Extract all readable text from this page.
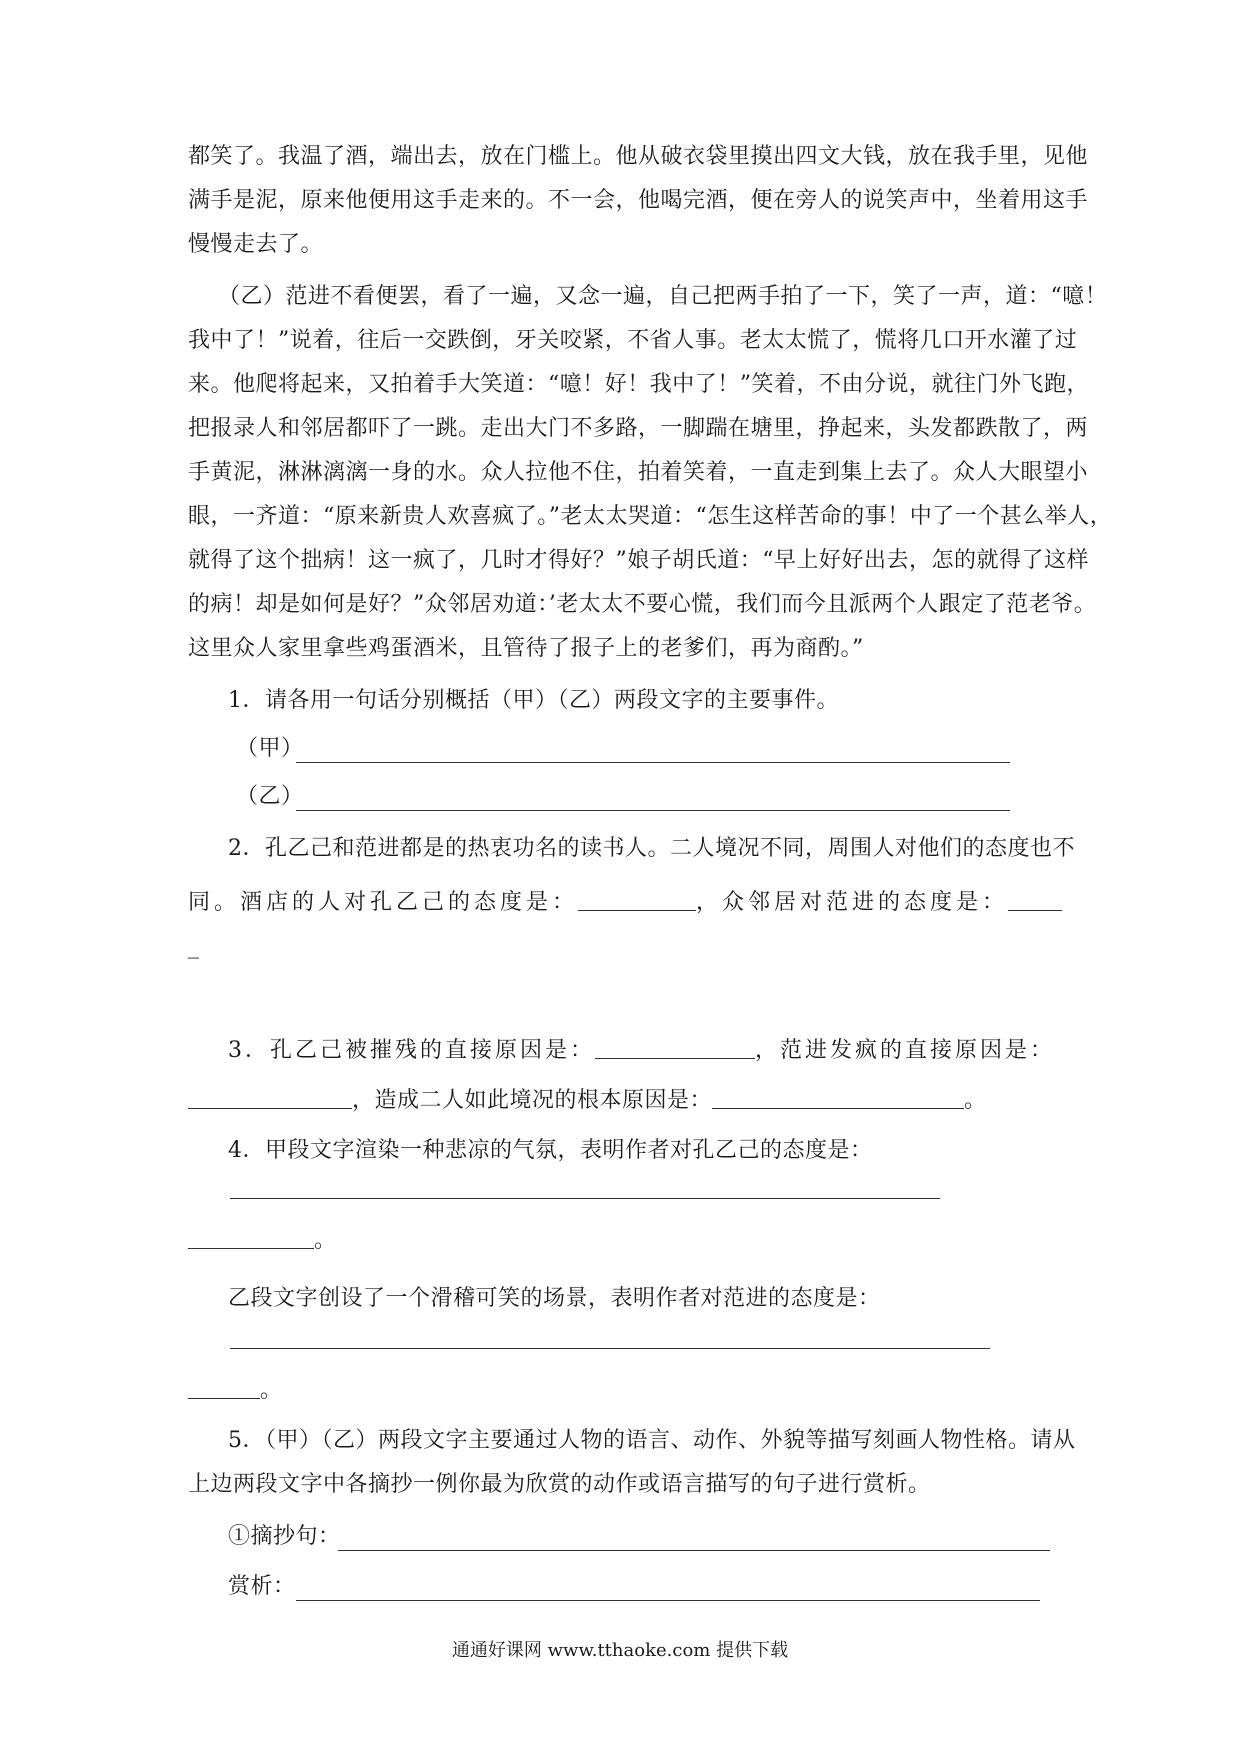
都笑了。我温了酒，端出去，放在门槛上。他从破衣袋里摸出四文大钱，放在我手里，见他
满手是泥，原来他便用这手走来的。不一会，他喝完酒，便在旁人的说笑声中，坐着用这手
慢慢走去了。
（乙）范进不看便罢，看了一遍，又念一遍，自己把两手拍了一下，笑了一声，道：“噫！
我中了！”说着，往后一交跌倒，牙关咬紧，不省人事。老太太慌了，慌将几口开水灌了过
来。他爬将起来，又拍着手大笑道：“噫！好！我中了！”笑着，不由分说，就往门外飞跑，
把报录人和邻居都吓了一跳。走出大门不多路，一脚踹在塘里，挣起来，头发都跌散了，两
手黄泥，淋淋漓漓一身的水。众人拉他不住，拍着笑着，一直走到集上去了。众人大眼望小
眼，一齐道：“原来新贵人欢喜疯了。”老太太哭道：“怎生这样苦命的事！中了一个甚么举人，
就得了这个拙病！这一疯了，几时才得好？”娘子胡氏道：“早上好好出去，怎的就得了这样
的病！却是如何是好？”众邻居劝道：’老太太不要心慌，我们而今且派两个人跟定了范老爷。
这里众人家里拿些鸡蛋酒米，且管待了报子上的老爹们，再为商酌。”
1．请各用一句话分别概括（甲）（乙）两段文字的主要事件。
（甲）
（乙）
2．孔乙己和范进都是的热衷功名的读书人。二人境况不同，周围人对他们的态度也不
同。酒店的人对孔乙己的态度是：	，众邻居对范进的态度是：
_
3．孔乙己被摧残的直接原因是：	，范进发疯的直接原因是：
，造成二人如此境况的根本原因是：	。
4．甲段文字渲染一种悲凉的气氛，表明作者对孔乙己的态度是：
。
乙段文字创设了一个滑稽可笑的场景，表明作者对范进的态度是：
。
5．（甲）（乙）两段文字主要通过人物的语言、动作、外貌等描写刻画人物性格。请从
上边两段文字中各摘抄一例你最为欣赏的动作或语言描写的句子进行赏析。
①摘抄句：
赏析：
通通好课网 www.tthaoke.com 提供下载
